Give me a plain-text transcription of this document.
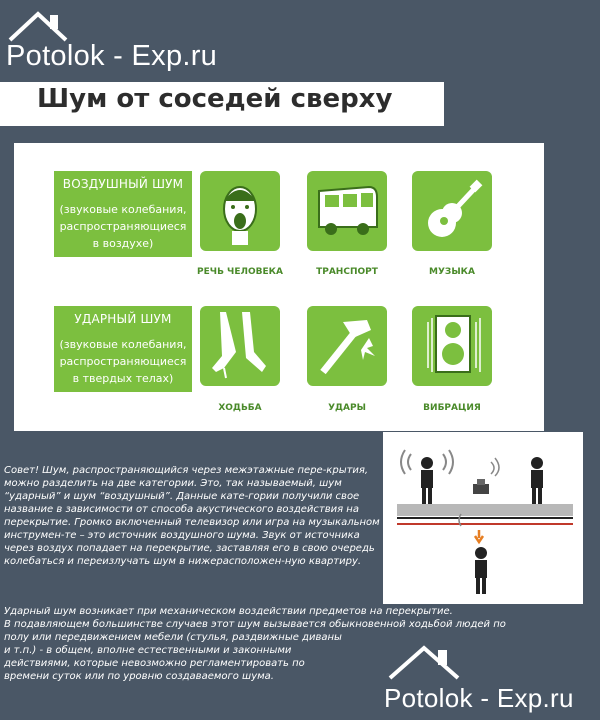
Potolok - Exp.ru
Шум от соседей сверху
ВОЗДУШНЫЙ ШУМ
(звуковые колебания,
распространяющиеся
в воздухе)
УДАРНЫЙ ШУМ
(звуковые колебания,
распространяющиеся
в твердых телах)
РЕЧЬ ЧЕЛОВЕКА	ТРАНСПОРТ	МУЗЫКА
ХОДЬБА	УДАРЫ	ВИБРАЦИЯ
Совет! Шум, распространяющийся через межэтажные пере-крытия, можно разделить на две категории. Это, так называемый, шум “ударный” и шум “воздушный”. Данные кате-гории получили свое название в зависимости от способа акустического воздействия на перекрытие. Громко включенный телевизор или игра на музыкальном инструмен-те – это источник воздушного шума. Звук от источника через воздух попадает на перекрытие, заставляя его в свою очередь колебаться и переизлучать шум в нижерасположен-ную квартиру.
Ударный шум возникает при механическом воздействии предметов на перекрытие.
В подавляющем большинстве случаев этот шум вызывается обыкновенной ходьбой людей по
полу или передвижением мебели (стулья, раздвижные диваны
и т.п.) - в общем, вполне естественными и законными
действиями, которые невозможно регламентировать по
времени суток или по уровню создаваемого шума.
Potolok - Exp.ru
